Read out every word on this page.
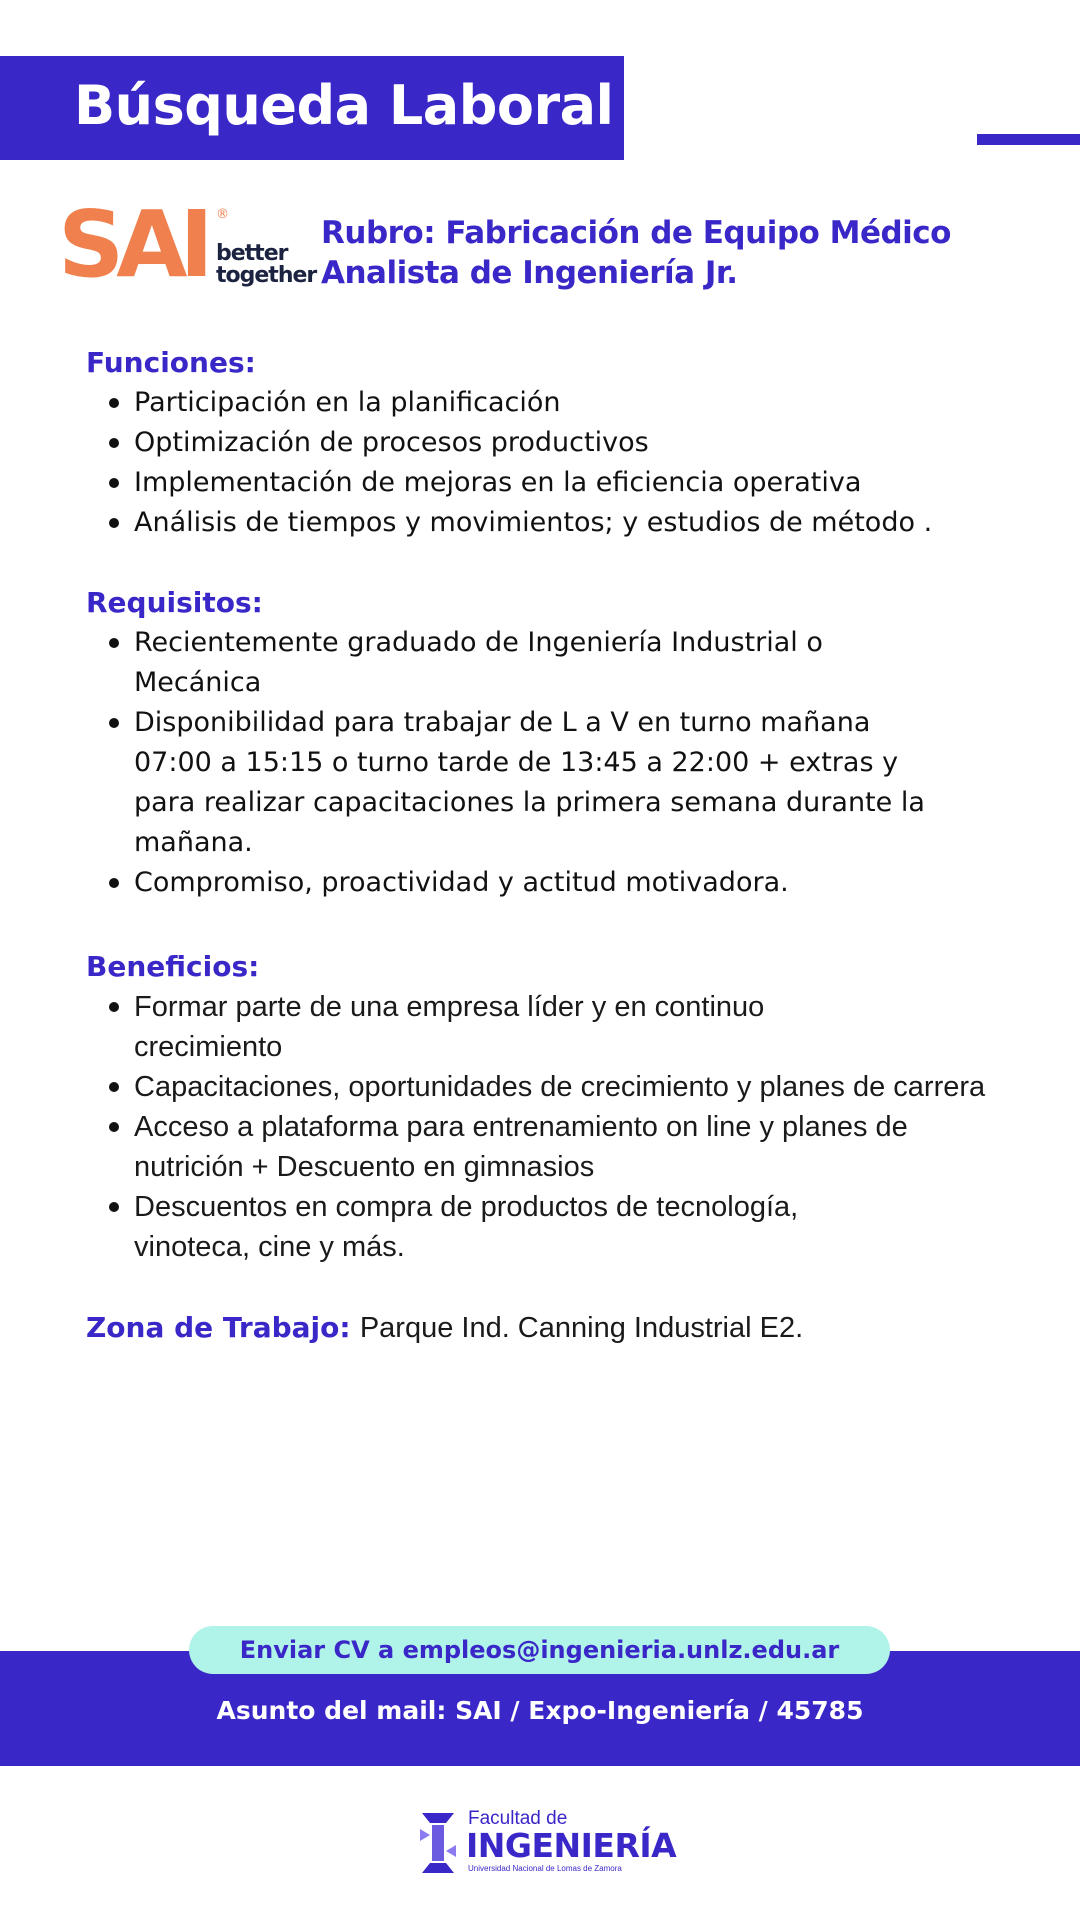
Búsqueda Laboral
SAI ®
better
together
Rubro: Fabricación de Equipo Médico
Analista de Ingeniería Jr.
Funciones:
Participación en la planificación
Optimización de procesos productivos
Implementación de mejoras en la eficiencia operativa
Análisis de tiempos y movimientos; y estudios de método .
Requisitos:
Recientemente graduado de Ingeniería Industrial o Mecánica
Disponibilidad para trabajar de L a V en turno mañana 07:00 a 15:15 o turno tarde de 13:45 a 22:00 + extras y para realizar capacitaciones la primera semana durante la mañana.
Compromiso, proactividad y actitud motivadora.
Beneficios:
Formar parte de una empresa líder y en continuo crecimiento
Capacitaciones, oportunidades de crecimiento y planes de carrera
Acceso a plataforma para entrenamiento on line y planes de nutrición + Descuento en gimnasios
Descuentos en compra de productos de tecnología, vinoteca, cine y más.
Zona de Trabajo: Parque Ind. Canning Industrial E2.
Enviar CV a empleos@ingenieria.unlz.edu.ar
Asunto del mail: SAI / Expo-Ingeniería / 45785
Facultad de
INGENIERÍA
Universidad Nacional de Lomas de Zamora
